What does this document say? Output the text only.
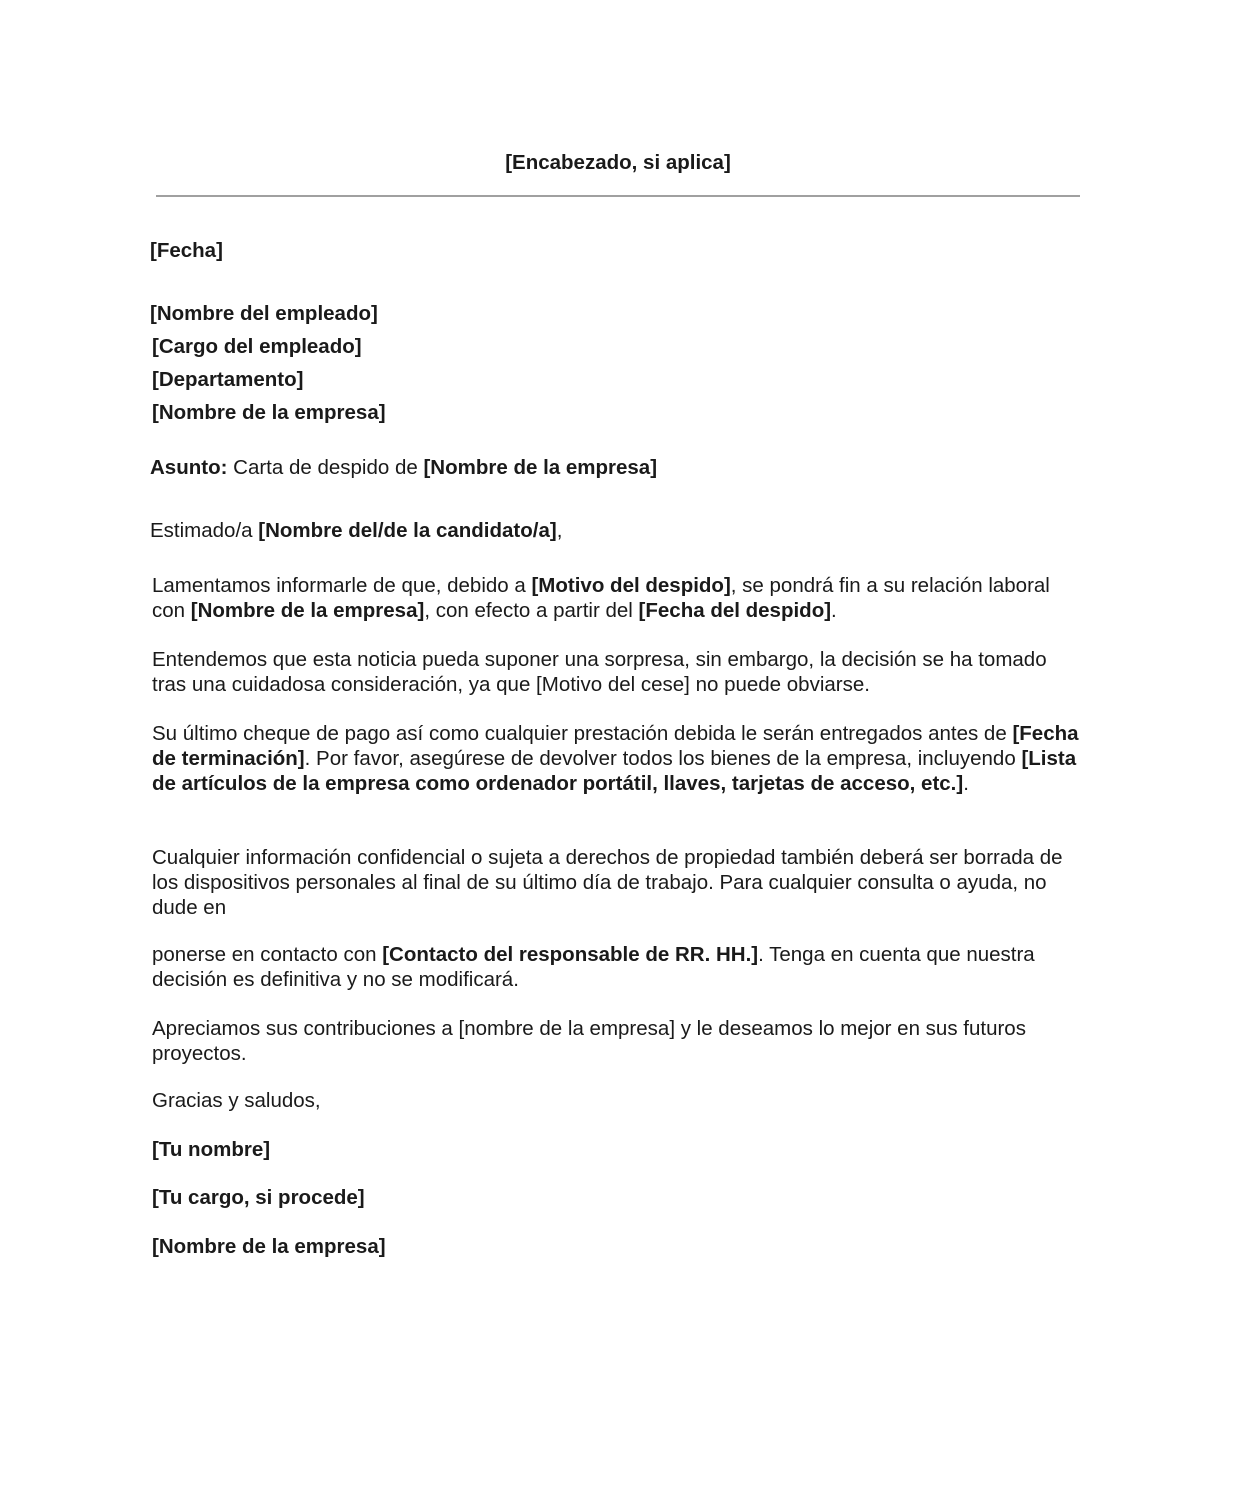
[Encabezado, si aplica]

[Fecha]

[Nombre del empleado]

[Cargo del empleado]

[Departamento]

[Nombre de la empresa]

Asunto: Carta de despido de [Nombre de la empresa]

Estimado/a [Nombre del/de la candidato/a],

Lamentamos informarle de que, debido a [Motivo del despido], se pondrá fin a su relación laboral con [Nombre de la empresa], con efecto a partir del [Fecha del despido].

Entendemos que esta noticia pueda suponer una sorpresa, sin embargo, la decisión se ha tomado tras una cuidadosa consideración, ya que [Motivo del cese] no puede obviarse.

Su último cheque de pago así como cualquier prestación debida le serán entregados antes de [Fecha de terminación]. Por favor, asegúrese de devolver todos los bienes de la empresa, incluyendo [Lista de artículos de la empresa como ordenador portátil, llaves, tarjetas de acceso, etc.].

Cualquier información confidencial o sujeta a derechos de propiedad también deberá ser borrada de los dispositivos personales al final de su último día de trabajo. Para cualquier consulta o ayuda, no dude en

ponerse en contacto con [Contacto del responsable de RR. HH.]. Tenga en cuenta que nuestra decisión es definitiva y no se modificará.

Apreciamos sus contribuciones a [nombre de la empresa] y le deseamos lo mejor en sus futuros proyectos.

Gracias y saludos,

[Tu nombre]

[Tu cargo, si procede]

[Nombre de la empresa]
